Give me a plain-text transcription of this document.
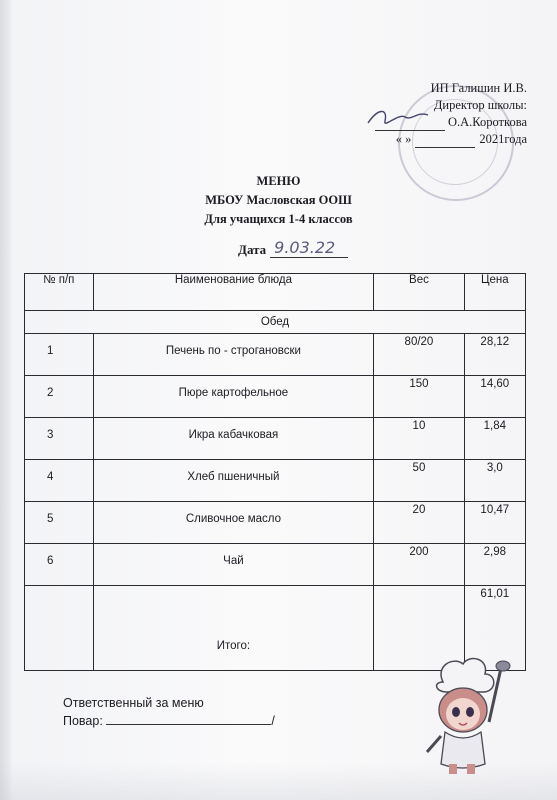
ИП Галишин И.В.
Директор школы:
О.А.Короткова
« »	2021года
МЕНЮ
МБОУ Масловская ООШ
Для учащихся 1-4 классов
Дата 9.03.22
№ п/п	Наименование блюда	Вес	Цена
Обед			
1	Печень по - строгановски	80/20	28,12
2	Пюре картофельное	150	14,60
3	Икра кабачковая	10	1,84
4	Хлеб пшеничный	50	3,0
5	Сливочное масло	20	10,47
6	Чай	200	2,98
	Итого:		61,01
Ответственный за меню
Повар:	/
